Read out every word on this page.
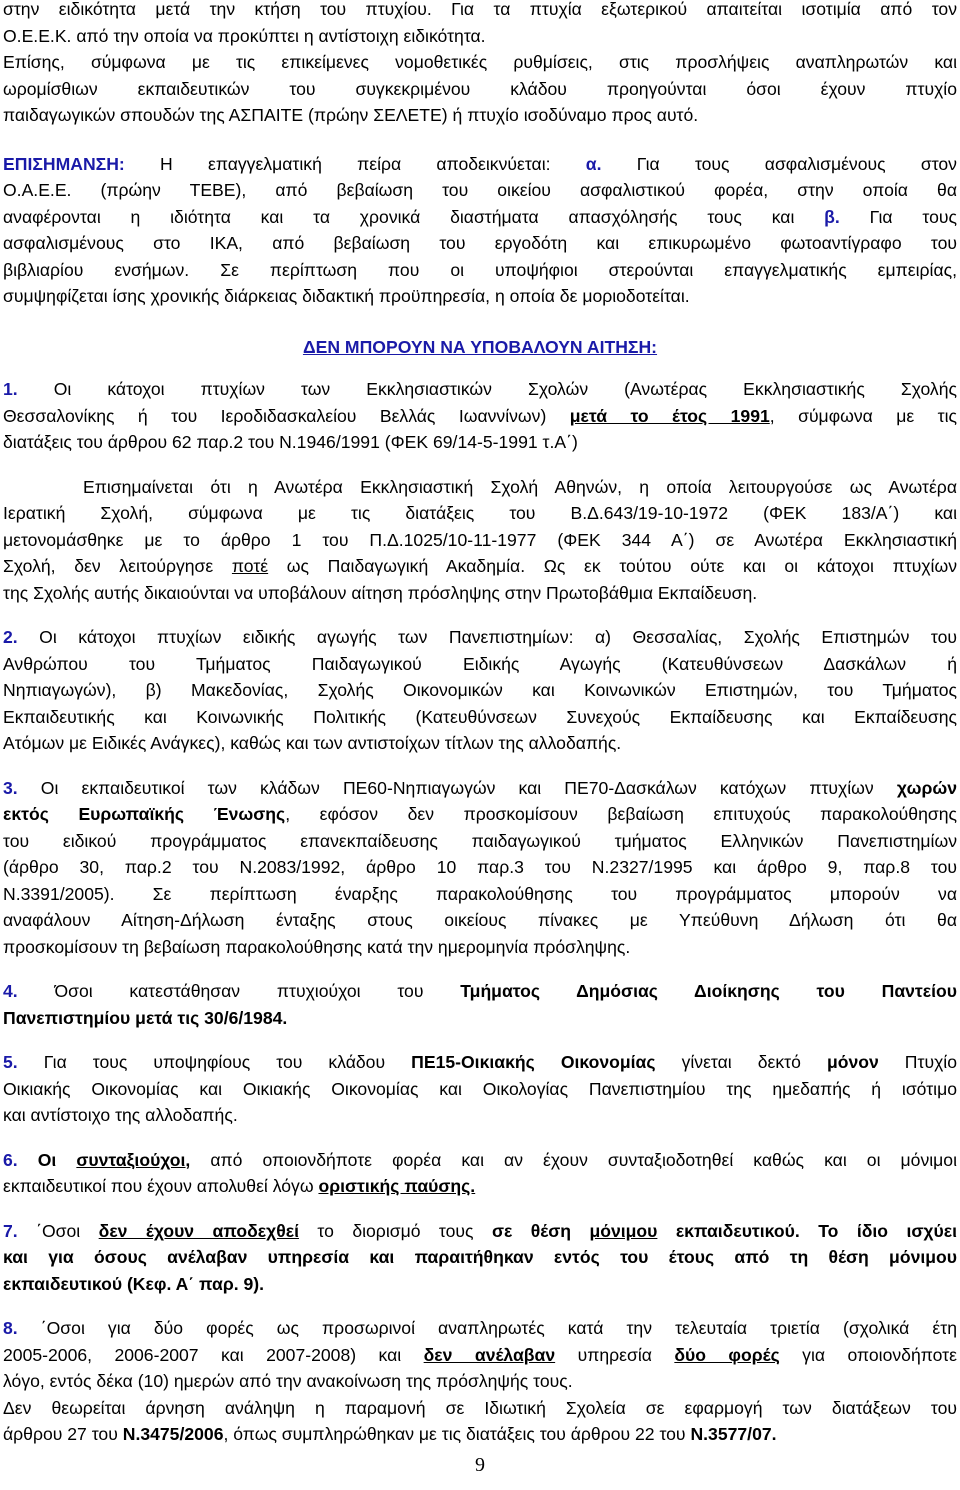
στην ειδικότητα μετά την κτήση του πτυχίου. Για τα πτυχία εξωτερικού απαιτείται ισοτιμία από τον
Ο.Ε.Ε.Κ. από την οποία να προκύπτει η αντίστοιχη ειδικότητα.
Επίσης, σύμφωνα με τις επικείμενες νομοθετικές ρυθμίσεις, στις προσλήψεις αναπληρωτών και
ωρομίσθιων εκπαιδευτικών του συγκεκριμένου κλάδου προηγούνται όσοι έχουν πτυχίο
παιδαγωγικών σπουδών της ΑΣΠΑΙΤΕ (πρώην ΣΕΛΕΤΕ) ή πτυχίο ισοδύναμο προς αυτό.
ΕΠΙΣΗΜΑΝΣΗ: Η επαγγελματική πείρα αποδεικνύεται: α. Για τους ασφαλισμένους στον
Ο.Α.Ε.Ε. (πρώην ΤΕΒΕ), από βεβαίωση του οικείου ασφαλιστικού φορέα, στην οποία θα
αναφέρονται η ιδιότητα και τα χρονικά διαστήματα απασχόλησής τους και β. Για τους
ασφαλισμένους στο ΙΚΑ, από βεβαίωση του εργοδότη και επικυρωμένο φωτοαντίγραφο του
βιβλιαρίου ενσήμων. Σε περίπτωση που οι υποψήφιοι στερούνται επαγγελματικής εμπειρίας,
συμψηφίζεται ίσης χρονικής διάρκειας διδακτική προϋπηρεσία, η οποία δε μοριοδοτείται.
ΔΕΝ ΜΠΟΡΟΥΝ ΝΑ ΥΠΟΒΑΛΟΥΝ ΑΙΤΗΣΗ:
1. Οι κάτοχοι πτυχίων των Εκκλησιαστικών Σχολών (Ανωτέρας Εκκλησιαστικής Σχολής
Θεσσαλονίκης ή του Ιεροδιδασκαλείου Βελλάς Ιωαννίνων) μετά το έτος 1991, σύμφωνα με τις
διατάξεις του άρθρου 62 παρ.2 του Ν.1946/1991 (ΦΕΚ 69/14-5-1991 τ.Α΄)
Επισημαίνεται ότι η Ανωτέρα Εκκλησιαστική Σχολή Αθηνών, η οποία λειτουργούσε ως Ανωτέρα
Ιερατική Σχολή, σύμφωνα με τις διατάξεις του Β.Δ.643/19-10-1972 (ΦΕΚ 183/Α΄) και
μετονομάσθηκε με το άρθρο 1 του Π.Δ.1025/10-11-1977 (ΦΕΚ 344 Α΄) σε Ανωτέρα Εκκλησιαστική
Σχολή, δεν λειτούργησε ποτέ ως Παιδαγωγική Ακαδημία. Ως εκ τούτου ούτε και οι κάτοχοι πτυχίων
της Σχολής αυτής δικαιούνται να υποβάλουν αίτηση πρόσληψης στην Πρωτοβάθμια Εκπαίδευση.
2. Οι κάτοχοι πτυχίων ειδικής αγωγής των Πανεπιστημίων: α) Θεσσαλίας, Σχολής Επιστημών του
Ανθρώπου του Τμήματος Παιδαγωγικού Ειδικής Αγωγής (Κατευθύνσεων Δασκάλων ή
Νηπιαγωγών), β) Μακεδονίας, Σχολής Οικονομικών και Κοινωνικών Επιστημών, του Τμήματος
Εκπαιδευτικής και Κοινωνικής Πολιτικής (Κατευθύνσεων Συνεχούς Εκπαίδευσης και Εκπαίδευσης
Ατόμων με Ειδικές Ανάγκες), καθώς και των αντιστοίχων τίτλων της αλλοδαπής.
3. Οι εκπαιδευτικοί των κλάδων ΠΕ60-Νηπιαγωγών και ΠΕ70-Δασκάλων κατόχων πτυχίων χωρών
εκτός Ευρωπαϊκής Ένωσης, εφόσον δεν προσκομίσουν βεβαίωση επιτυχούς παρακολούθησης
του ειδικού προγράμματος επανεκπαίδευσης παιδαγωγικού τμήματος Ελληνικών Πανεπιστημίων
(άρθρο 30, παρ.2 του Ν.2083/1992, άρθρο 10 παρ.3 του Ν.2327/1995 και άρθρο 9, παρ.8 του
Ν.3391/2005). Σε περίπτωση έναρξης παρακολούθησης του προγράμματος μπορούν να
αναφάλουν Αίτηση-Δήλωση ένταξης στους οικείους πίνακες με Υπεύθυνη Δήλωση ότι θα
προσκομίσουν τη βεβαίωση παρακολούθησης κατά την ημερομηνία πρόσληψης.
4. Όσοι κατεστάθησαν πτυχιούχοι του Τμήματος Δημόσιας Διοίκησης του Παντείου
Πανεπιστημίου μετά τις 30/6/1984.
5. Για τους υποψηφίους του κλάδου ΠΕ15-Οικιακής Οικονομίας γίνεται δεκτό μόνον Πτυχίο
Οικιακής Οικονομίας και Οικιακής Οικονομίας και Οικολογίας Πανεπιστημίου της ημεδαπής ή ισότιμο
και αντίστοιχο της αλλοδαπής.
6. Οι συνταξιούχοι, από οποιονδήποτε φορέα και αν έχουν συνταξιοδοτηθεί καθώς και οι μόνιμοι
εκπαιδευτικοί που έχουν απολυθεί λόγω οριστικής παύσης.
7. ΄Οσοι δεν έχουν αποδεχθεί το διορισμό τους σε θέση μόνιμου εκπαιδευτικού. Το ίδιο ισχύει
και για όσους ανέλαβαν υπηρεσία και παραιτήθηκαν εντός του έτους από τη θέση μόνιμου
εκπαιδευτικού (Κεφ. Α΄ παρ. 9).
8. ΄Οσοι για δύο φορές ως προσωρινοί αναπληρωτές κατά την τελευταία τριετία (σχολικά έτη
2005-2006, 2006-2007 και 2007-2008) και δεν ανέλαβαν υπηρεσία δύο φορές για οποιονδήποτε
λόγο, εντός δέκα (10) ημερών από την ανακοίνωση της πρόσληψής τους.
Δεν θεωρείται άρνηση ανάληψη η παραμονή σε Ιδιωτική Σχολεία σε εφαρμογή των διατάξεων του
άρθρου 27 του Ν.3475/2006, όπως συμπληρώθηκαν με τις διατάξεις του άρθρου 22 του Ν.3577/07.
9
